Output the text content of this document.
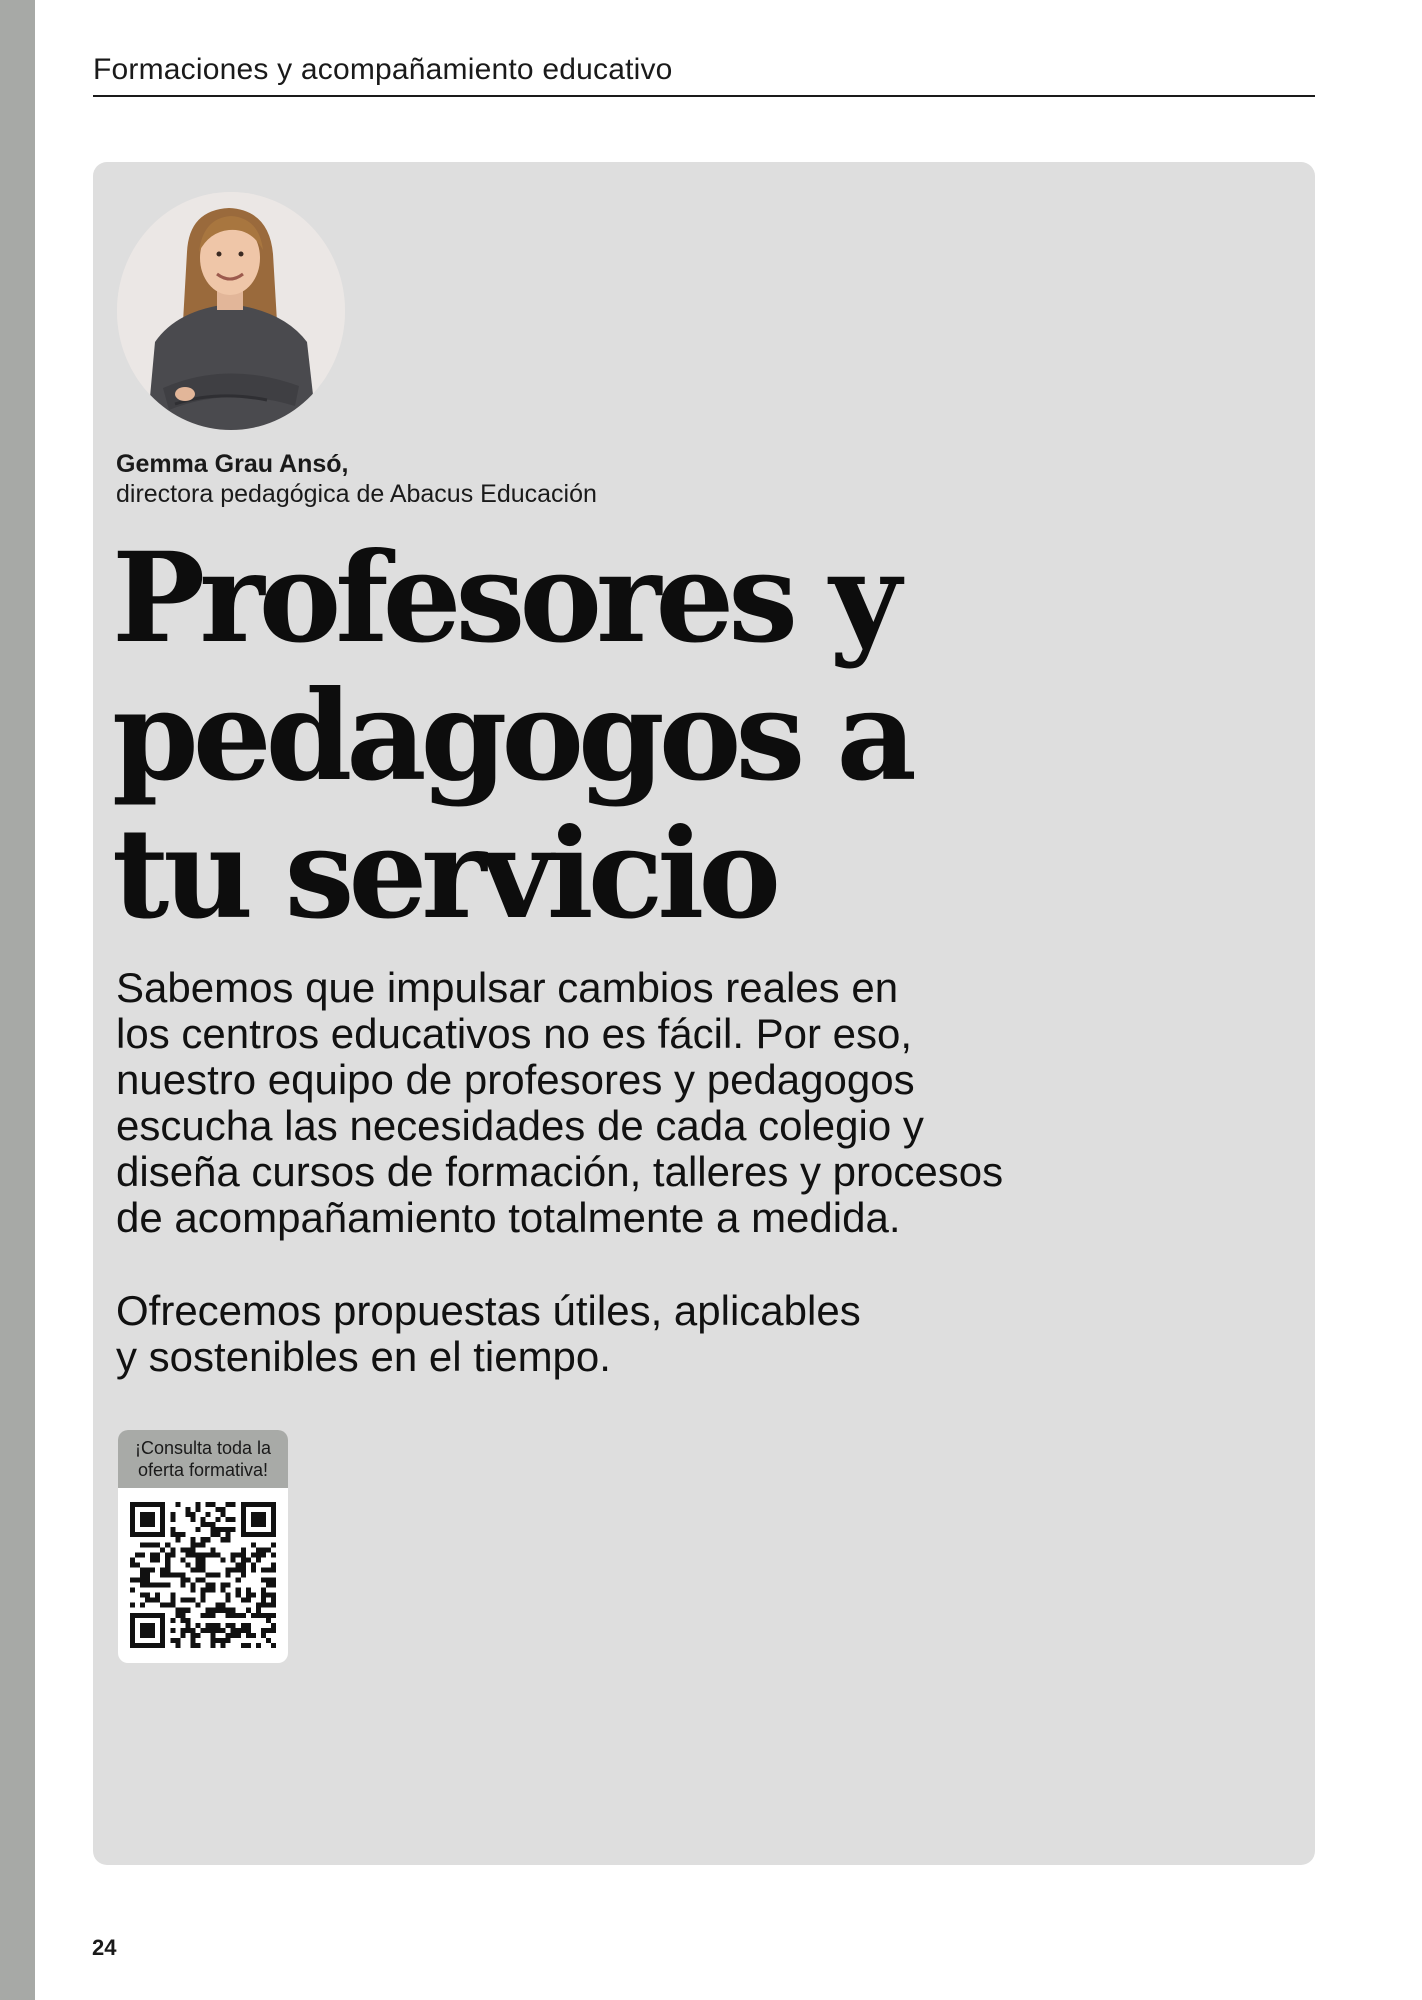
Formaciones y acompañamiento educativo
Gemma Grau Ansó,
directora pedagógica de Abacus Educación
Profesores y
pedagogos a
tu servicio

Sabemos que impulsar cambios reales en
los centros educativos no es fácil. Por eso,
nuestro equipo de profesores y pedagogos
escucha las necesidades de cada colegio y
diseña cursos de formación, talleres y procesos
de acompañamiento totalmente a medida.

Ofrecemos propuestas útiles, aplicables
y sostenibles en el tiempo.

¡Consulta toda la
oferta formativa!
24
